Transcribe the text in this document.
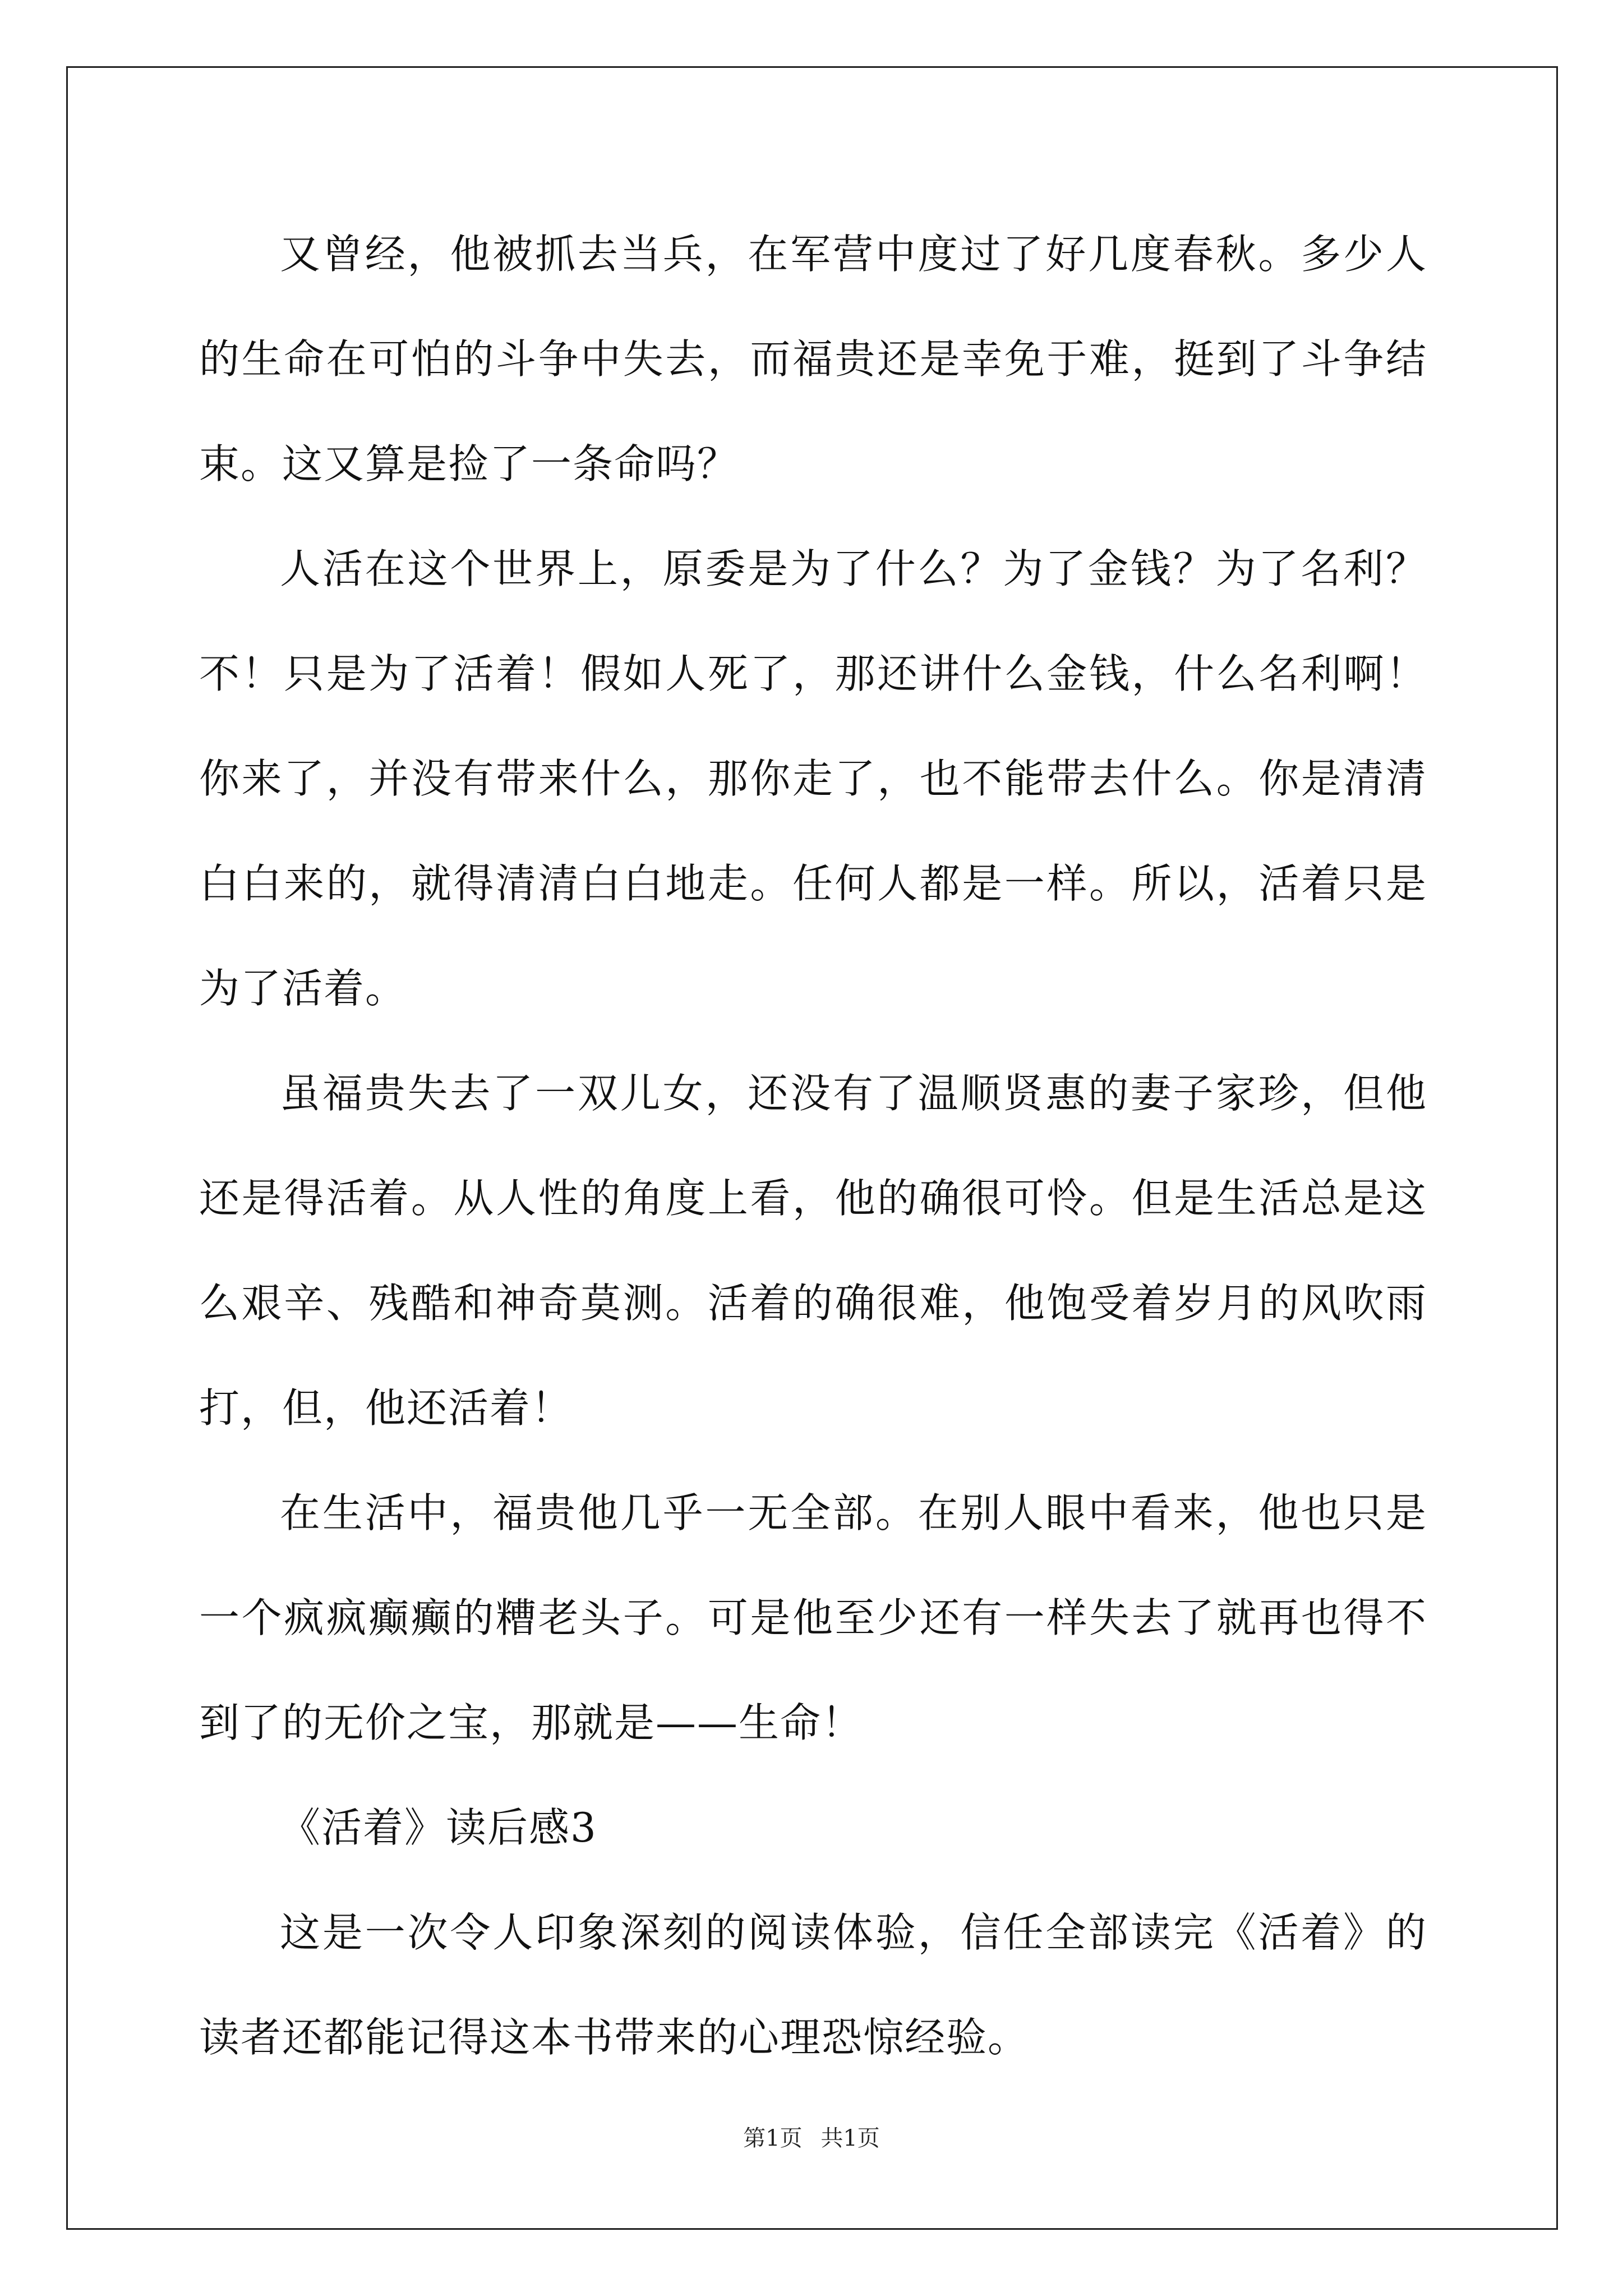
又曾经，他被抓去当兵，在军营中度过了好几度春秋。多少人的生命在可怕的斗争中失去，而福贵还是幸免于难，挺到了斗争结束。这又算是捡了一条命吗？

人活在这个世界上，原委是为了什么？为了金钱？为了名利？不！只是为了活着！假如人死了，那还讲什么金钱，什么名利啊！你来了，并没有带来什么，那你走了，也不能带去什么。你是清清白白来的，就得清清白白地走。任何人都是一样。所以，活着只是为了活着。

虽福贵失去了一双儿女，还没有了温顺贤惠的妻子家珍，但他还是得活着。从人性的角度上看，他的确很可怜。但是生活总是这么艰辛、残酷和神奇莫测。活着的确很难，他饱受着岁月的风吹雨打，但，他还活着！

在生活中，福贵他几乎一无全部。在别人眼中看来，他也只是一个疯疯癫癫的糟老头子。可是他至少还有一样失去了就再也得不到了的无价之宝，那就是——生命！

《活着》读后感3

这是一次令人印象深刻的阅读体验，信任全部读完《活着》的读者还都能记得这本书带来的心理恐惊经验。

第1页 共1页
